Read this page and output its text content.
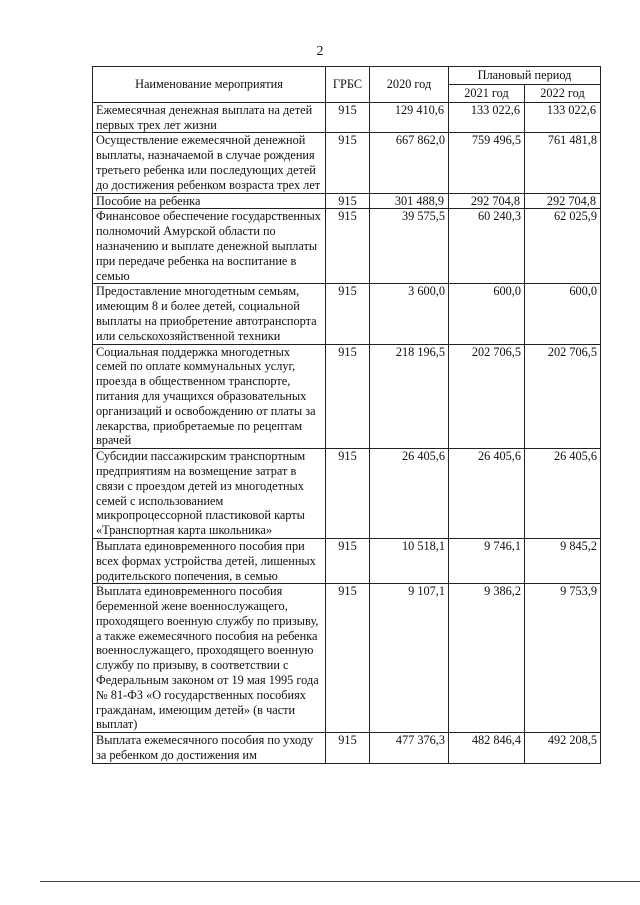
2
Наименование мероприятия	ГРБС	2020 год	Плановый период	
			2021 год	2022 год
Ежемесячная денежная выплата на детей первых трех лет жизни	915	129 410,6	133 022,6	133 022,6
Осуществление ежемесячной денежной выплаты, назначаемой в случае рождения третьего ребенка или последующих детей до достижения ребенком возраста трех лет	915	667 862,0	759 496,5	761 481,8
Пособие на ребенка	915	301 488,9	292 704,8	292 704,8
Финансовое обеспечение государственных полномочий Амурской области по назначению и выплате денежной выплаты при передаче ребенка на воспитание в семью	915	39 575,5	60 240,3	62 025,9
Предоставление многодетным семьям, имеющим 8 и более детей, социальной выплаты на приобретение автотранспорта или сельскохозяйственной техники	915	3 600,0	600,0	600,0
Социальная поддержка многодетных семей по оплате коммунальных услуг, проезда в общественном транспорте, питания для учащихся образовательных организаций и освобождению от платы за лекарства, приобретаемые по рецептам врачей	915	218 196,5	202 706,5	202 706,5
Субсидии пассажирским транспортным предприятиям на возмещение затрат в связи с проездом детей из многодетных семей с использованием микропроцессорной пластиковой карты «Транспортная карта школьника»	915	26 405,6	26 405,6	26 405,6
Выплата единовременного пособия при всех формах устройства детей, лишенных родительского попечения, в семью	915	10 518,1	9 746,1	9 845,2
Выплата единовременного пособия беременной жене военнослужащего, проходящего военную службу по призыву, а также ежемесячного пособия на ребенка военнослужащего, проходящего военную службу по призыву, в соответствии с Федеральным законом от 19 мая 1995 года № 81-ФЗ «О государственных пособиях гражданам, имеющим детей» (в части выплат)	915	9 107,1	9 386,2	9 753,9
Выплата ежемесячного пособия по уходу за ребенком до достижения им	915	477 376,3	482 846,4	492 208,5
